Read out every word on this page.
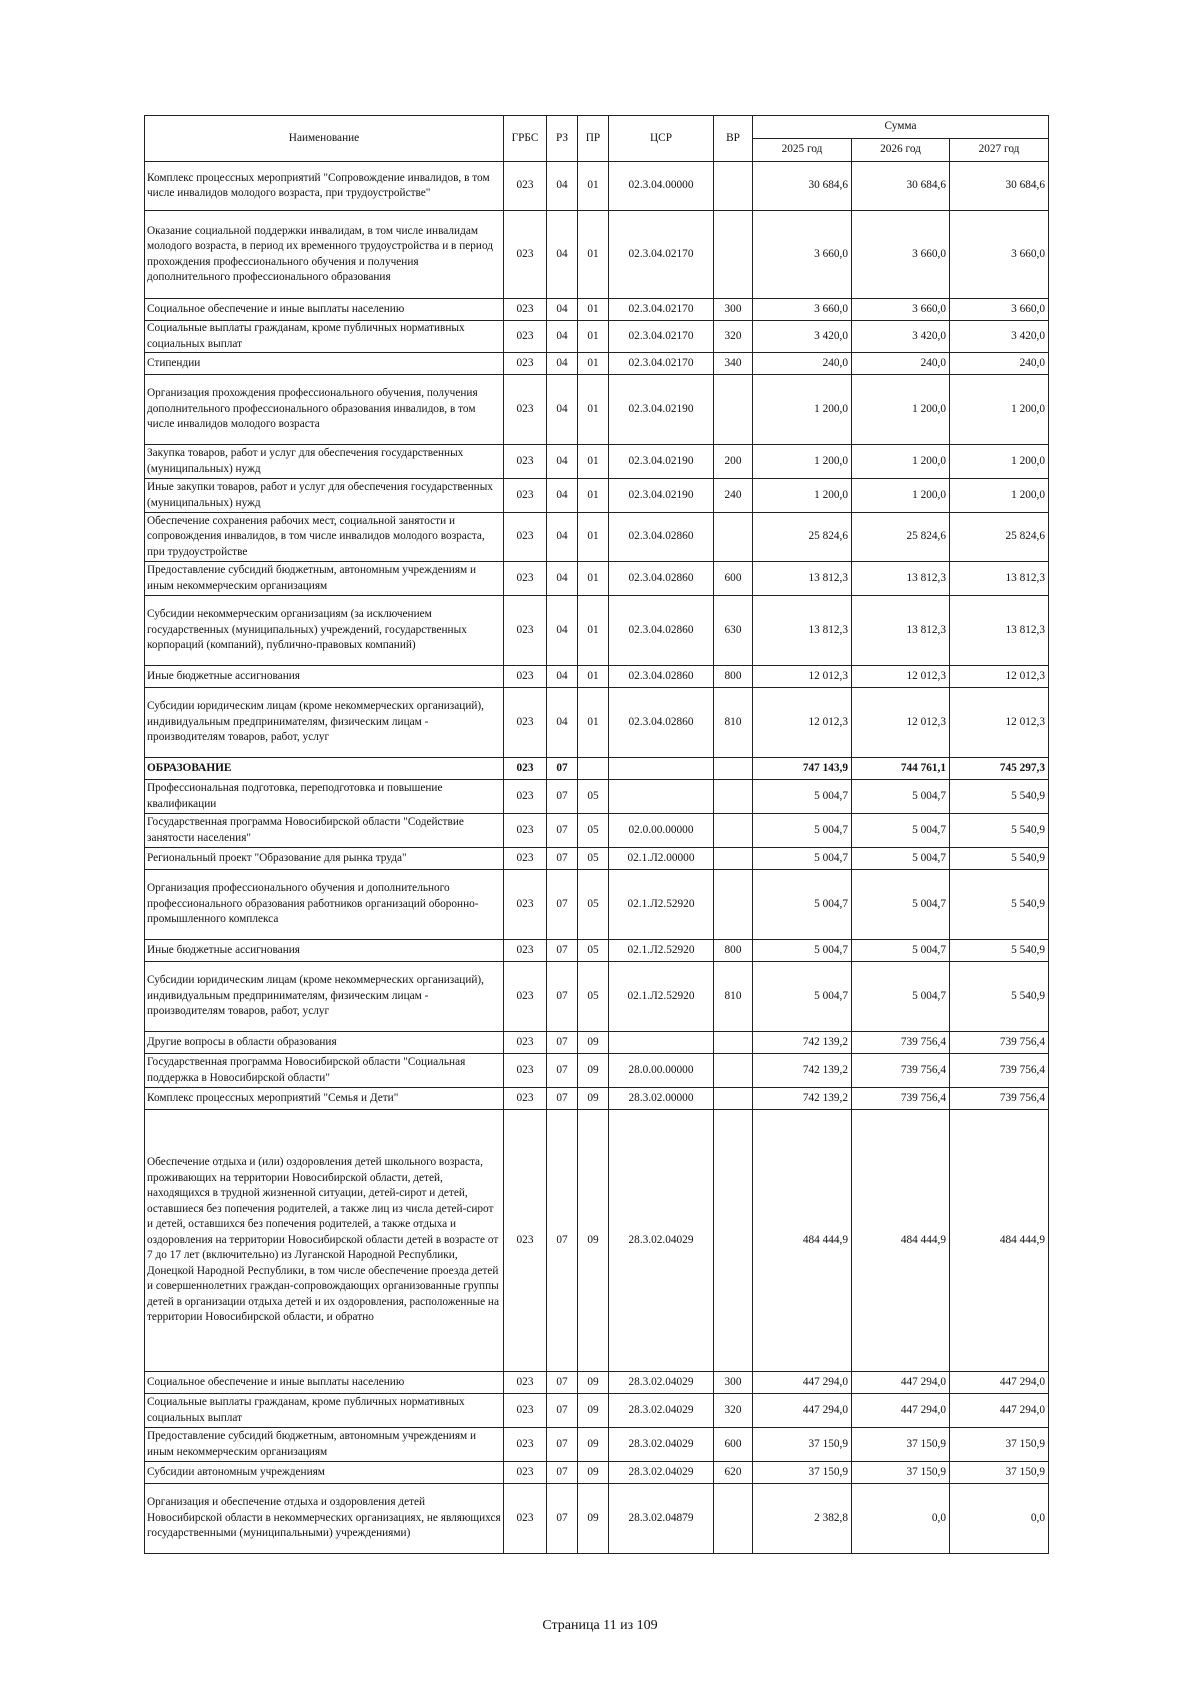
Наименование	ГРБС	РЗ	ПР	ЦСР	ВР	Сумма		
						2025 год	2026 год	2027 год
Комплекс процессных мероприятий "Сопровождение инвалидов, в том числе инвалидов молодого возраста, при трудоустройстве"	023	04	01	02.3.04.00000		30 684,6	30 684,6	30 684,6
Оказание социальной поддержки инвалидам, в том числе инвалидам молодого возраста, в период их временного трудоустройства и в период прохождения профессионального обучения и получения дополнительного профессионального образования	023	04	01	02.3.04.02170		3 660,0	3 660,0	3 660,0
Социальное обеспечение и иные выплаты населению	023	04	01	02.3.04.02170	300	3 660,0	3 660,0	3 660,0
Социальные выплаты гражданам, кроме публичных нормативных социальных выплат	023	04	01	02.3.04.02170	320	3 420,0	3 420,0	3 420,0
Стипендии	023	04	01	02.3.04.02170	340	240,0	240,0	240,0
Организация прохождения профессионального обучения, получения дополнительного профессионального образования инвалидов, в том числе инвалидов молодого возраста	023	04	01	02.3.04.02190		1 200,0	1 200,0	1 200,0
Закупка товаров, работ и услуг для обеспечения государственных (муниципальных) нужд	023	04	01	02.3.04.02190	200	1 200,0	1 200,0	1 200,0
Иные закупки товаров, работ и услуг для обеспечения государственных (муниципальных) нужд	023	04	01	02.3.04.02190	240	1 200,0	1 200,0	1 200,0
Обеспечение сохранения рабочих мест, социальной занятости и сопровождения инвалидов, в том числе инвалидов молодого возраста, при трудоустройстве	023	04	01	02.3.04.02860		25 824,6	25 824,6	25 824,6
Предоставление субсидий бюджетным, автономным учреждениям и иным некоммерческим организациям	023	04	01	02.3.04.02860	600	13 812,3	13 812,3	13 812,3
Субсидии некоммерческим организациям (за исключением государственных (муниципальных) учреждений, государственных корпораций (компаний), публично-правовых компаний)	023	04	01	02.3.04.02860	630	13 812,3	13 812,3	13 812,3
Иные бюджетные ассигнования	023	04	01	02.3.04.02860	800	12 012,3	12 012,3	12 012,3
Субсидии юридическим лицам (кроме некоммерческих организаций), индивидуальным предпринимателям, физическим лицам - производителям товаров, работ, услуг	023	04	01	02.3.04.02860	810	12 012,3	12 012,3	12 012,3
ОБРАЗОВАНИЕ	023	07				747 143,9	744 761,1	745 297,3
Профессиональная подготовка, переподготовка и повышение квалификации	023	07	05			5 004,7	5 004,7	5 540,9
Государственная программа Новосибирской области "Содействие занятости населения"	023	07	05	02.0.00.00000		5 004,7	5 004,7	5 540,9
Региональный проект "Образование для рынка труда"	023	07	05	02.1.Л2.00000		5 004,7	5 004,7	5 540,9
Организация профессионального обучения и дополнительного профессионального образования работников организаций оборонно-промышленного комплекса	023	07	05	02.1.Л2.52920		5 004,7	5 004,7	5 540,9
Иные бюджетные ассигнования	023	07	05	02.1.Л2.52920	800	5 004,7	5 004,7	5 540,9
Субсидии юридическим лицам (кроме некоммерческих организаций), индивидуальным предпринимателям, физическим лицам - производителям товаров, работ, услуг	023	07	05	02.1.Л2.52920	810	5 004,7	5 004,7	5 540,9
Другие вопросы в области образования	023	07	09			742 139,2	739 756,4	739 756,4
Государственная программа Новосибирской области "Социальная поддержка в Новосибирской области"	023	07	09	28.0.00.00000		742 139,2	739 756,4	739 756,4
Комплекс процессных мероприятий "Семья и Дети"	023	07	09	28.3.02.00000		742 139,2	739 756,4	739 756,4
Обеспечение отдыха и (или) оздоровления детей школьного возраста, проживающих на территории Новосибирской области, детей, находящихся в трудной жизненной ситуации, детей-сирот и детей, оставшиеся без попечения родителей, а также лиц из числа детей-сирот и детей, оставшихся без попечения родителей, а также отдыха и оздоровления на территории Новосибирской области детей в возрасте от 7 до 17 лет (включительно) из Луганской Народной Республики, Донецкой Народной Республики, в том числе обеспечение проезда детей и совершеннолетних граждан-сопровождающих организованные группы детей в организации отдыха детей и их оздоровления, расположенные на территории Новосибирской области, и обратно	023	07	09	28.3.02.04029		484 444,9	484 444,9	484 444,9
Социальное обеспечение и иные выплаты населению	023	07	09	28.3.02.04029	300	447 294,0	447 294,0	447 294,0
Социальные выплаты гражданам, кроме публичных нормативных социальных выплат	023	07	09	28.3.02.04029	320	447 294,0	447 294,0	447 294,0
Предоставление субсидий бюджетным, автономным учреждениям и иным некоммерческим организациям	023	07	09	28.3.02.04029	600	37 150,9	37 150,9	37 150,9
Субсидии автономным учреждениям	023	07	09	28.3.02.04029	620	37 150,9	37 150,9	37 150,9
Организация и обеспечение отдыха и оздоровления детей Новосибирской области в некоммерческих организациях, не являющихся государственными (муниципальными) учреждениями)	023	07	09	28.3.02.04879		2 382,8	0,0	0,0
Страница 11 из 109
